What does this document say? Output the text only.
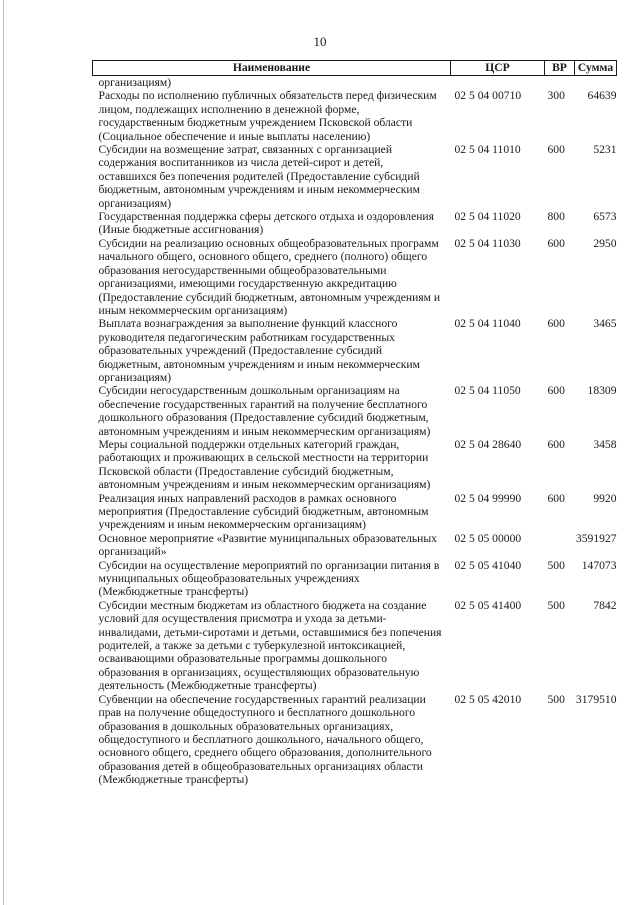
10
Наименование	ЦСР	ВР	Сумма
организациям)			
Расходы по исполнению публичных обязательств перед физическим лицом, подлежащих исполнению в денежной форме, государственным бюджетным учреждением Псковской области (Социальное обеспечение и иные выплаты населению)	02 5 04 00710	300	64639
Субсидии на возмещение затрат, связанных с организацией содержания воспитанников из числа детей-сирот и детей, оставшихся без попечения родителей (Предоставление субсидий бюджетным, автономным учреждениям и иным некоммерческим организациям)	02 5 04 11010	600	5231
Государственная поддержка сферы детского отдыха и оздоровления (Иные бюджетные ассигнования)	02 5 04 11020	800	6573
Субсидии на реализацию основных общеобразовательных программ начального общего, основного общего, среднего (полного) общего образования негосударственными общеобразовательными организациями, имеющими государственную аккредитацию (Предоставление субсидий бюджетным, автономным учреждениям и иным некоммерческим организациям)	02 5 04 11030	600	2950
Выплата вознаграждения за выполнение функций классного руководителя педагогическим работникам государственных образовательных учреждений (Предоставление субсидий бюджетным, автономным учреждениям и иным некоммерческим организациям)	02 5 04 11040	600	3465
Субсидии негосударственным дошкольным организациям на обеспечение государственных гарантий на получение бесплатного дошкольного образования (Предоставление субсидий бюджетным, автономным учреждениям и иным некоммерческим организациям)	02 5 04 11050	600	18309
Меры социальной поддержки отдельных категорий граждан, работающих и проживающих в сельской местности на территории Псковской области (Предоставление субсидий бюджетным, автономным учреждениям и иным некоммерческим организациям)	02 5 04 28640	600	3458
Реализация иных направлений расходов в рамках основного мероприятия (Предоставление субсидий бюджетным, автономным учреждениям и иным некоммерческим организациям)	02 5 04 99990	600	9920
Основное мероприятие «Развитие муниципальных образовательных организаций»	02 5 05 00000		3591927
Субсидии на осуществление мероприятий по организации питания в муниципальных общеобразовательных учреждениях (Межбюджетные трансферты)	02 5 05 41040	500	147073
Субсидии местным бюджетам из областного бюджета на создание условий для осуществления присмотра и ухода за детьми-инвалидами, детьми-сиротами и детьми, оставшимися без попечения родителей, а также за детьми с туберкулезной интоксикацией, осваивающими образовательные программы дошкольного образования в организациях, осуществляющих образовательную деятельность (Межбюджетные трансферты)	02 5 05 41400	500	7842
Субвенции на обеспечение государственных гарантий реализации прав на получение общедоступного и бесплатного дошкольного образования в дошкольных образовательных организациях, общедоступного и бесплатного дошкольного, начального общего, основного общего, среднего общего образования, дополнительного образования детей в общеобразовательных организациях области (Межбюджетные трансферты)	02 5 05 42010	500	3179510
